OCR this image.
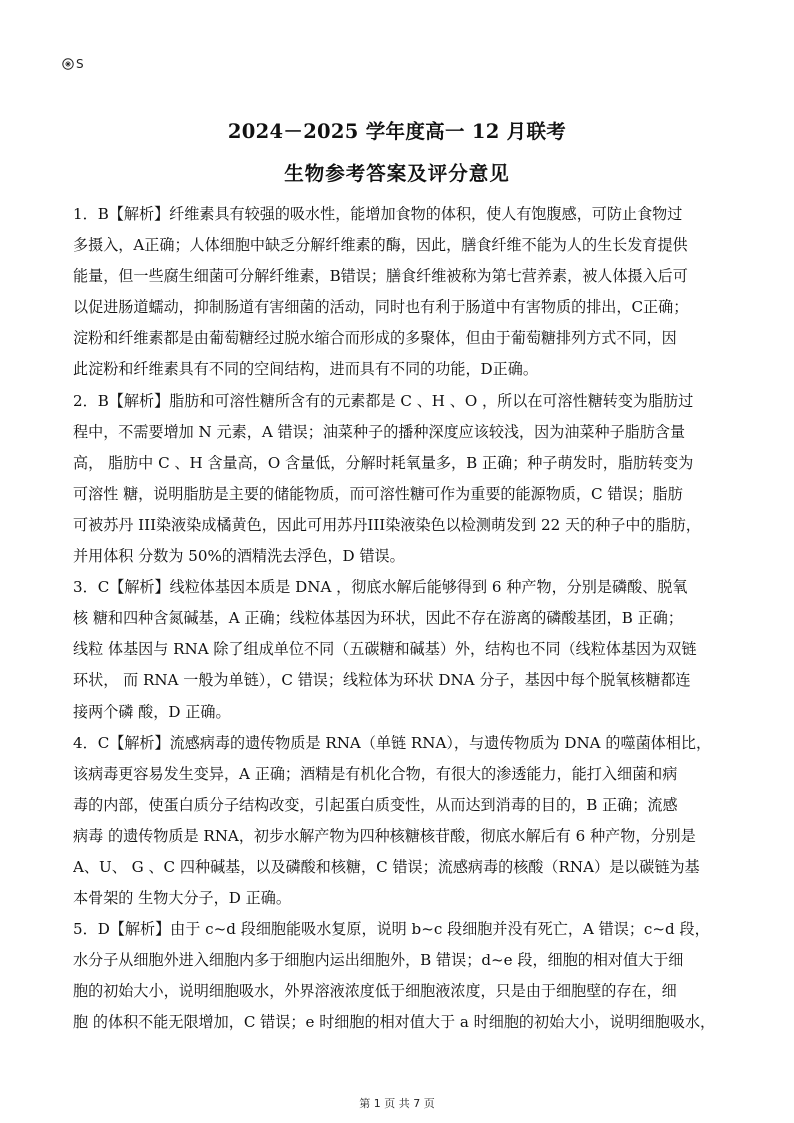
S
2024－2025 学年度高一 12 月联考
生物参考答案及评分意见
1．B【解析】纤维素具有较强的吸水性，能增加食物的体积，使人有饱腹感，可防止食物过
多摄入，A正确；人体细胞中缺乏分解纤维素的酶，因此，膳食纤维不能为人的生长发育提供
能量，但一些腐生细菌可分解纤维素，B错误；膳食纤维被称为第七营养素，被人体摄入后可
以促进肠道蠕动，抑制肠道有害细菌的活动，同时也有利于肠道中有害物质的排出，C正确；
淀粉和纤维素都是由葡萄糖经过脱水缩合而形成的多聚体，但由于葡萄糖排列方式不同，因
此淀粉和纤维素具有不同的空间结构，进而具有不同的功能，D正确。
2．B【解析】脂肪和可溶性糖所含有的元素都是 C 、H 、O ，所以在可溶性糖转变为脂肪过
程中，不需要增加 N 元素，A 错误；油菜种子的播种深度应该较浅，因为油菜种子脂肪含量
高， 脂肪中 C 、H 含量高，O 含量低，分解时耗氧量多，B 正确；种子萌发时，脂肪转变为
可溶性 糖，说明脂肪是主要的储能物质，而可溶性糖可作为重要的能源物质，C 错误；脂肪
可被苏丹 III染液染成橘黄色，因此可用苏丹III染液染色以检测萌发到 22 天的种子中的脂肪，
并用体积 分数为 50%的酒精洗去浮色，D 错误。
3．C【解析】线粒体基因本质是 DNA ，彻底水解后能够得到 6 种产物，分别是磷酸、脱氧
核 糖和四种含氮碱基，A 正确；线粒体基因为环状，因此不存在游离的磷酸基团，B 正确；
线粒 体基因与 RNA 除了组成单位不同（五碳糖和碱基）外，结构也不同（线粒体基因为双链
环状， 而 RNA 一般为单链），C 错误；线粒体为环状 DNA 分子，基因中每个脱氧核糖都连
接两个磷 酸，D 正确。
4．C【解析】流感病毒的遗传物质是 RNA（单链 RNA），与遗传物质为 DNA 的噬菌体相比，
该病毒更容易发生变异，A 正确；酒精是有机化合物，有很大的渗透能力，能打入细菌和病
毒的内部，使蛋白质分子结构改变，引起蛋白质变性，从而达到消毒的目的，B 正确；流感
病毒 的遗传物质是 RNA，初步水解产物为四种核糖核苷酸，彻底水解后有 6 种产物，分别是
A、U、 G 、C 四种碱基，以及磷酸和核糖，C 错误；流感病毒的核酸（RNA）是以碳链为基
本骨架的 生物大分子，D 正确。
5．D【解析】由于 c~d 段细胞能吸水复原，说明 b~c 段细胞并没有死亡，A 错误；c~d 段，
水分子从细胞外进入细胞内多于细胞内运出细胞外，B 错误；d~e 段，细胞的相对值大于细
胞的初始大小，说明细胞吸水，外界溶液浓度低于细胞液浓度，只是由于细胞壁的存在，细
胞 的体积不能无限增加，C 错误；e 时细胞的相对值大于 a 时细胞的初始大小，说明细胞吸水，
第 1 页 共 7 页
